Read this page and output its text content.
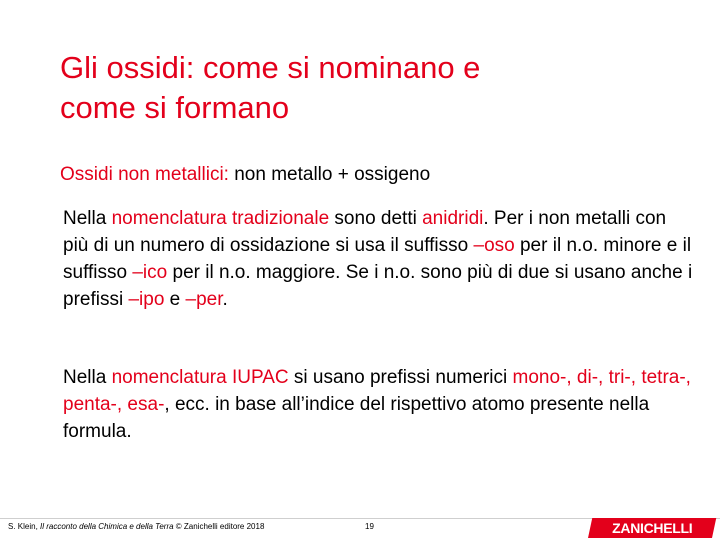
Gli ossidi: come si nominano e
come si formano
Ossidi non metallici: non metallo + ossigeno
Nella nomenclatura tradizionale sono detti anidridi. Per i non metalli con più di un numero di ossidazione si usa il suffisso –oso per il n.o. minore e il suffisso –ico per il n.o. maggiore. Se i n.o. sono più di due si usano anche i prefissi –ipo e –per.
Nella nomenclatura IUPAC si usano prefissi numerici mono-, di-, tri-, tetra-, penta-, esa-, ecc. in base all’indice del rispettivo atomo presente nella formula.
S. Klein, Il racconto della Chimica e della Terra © Zanichelli editore 2018	19	ZANICHELLI
